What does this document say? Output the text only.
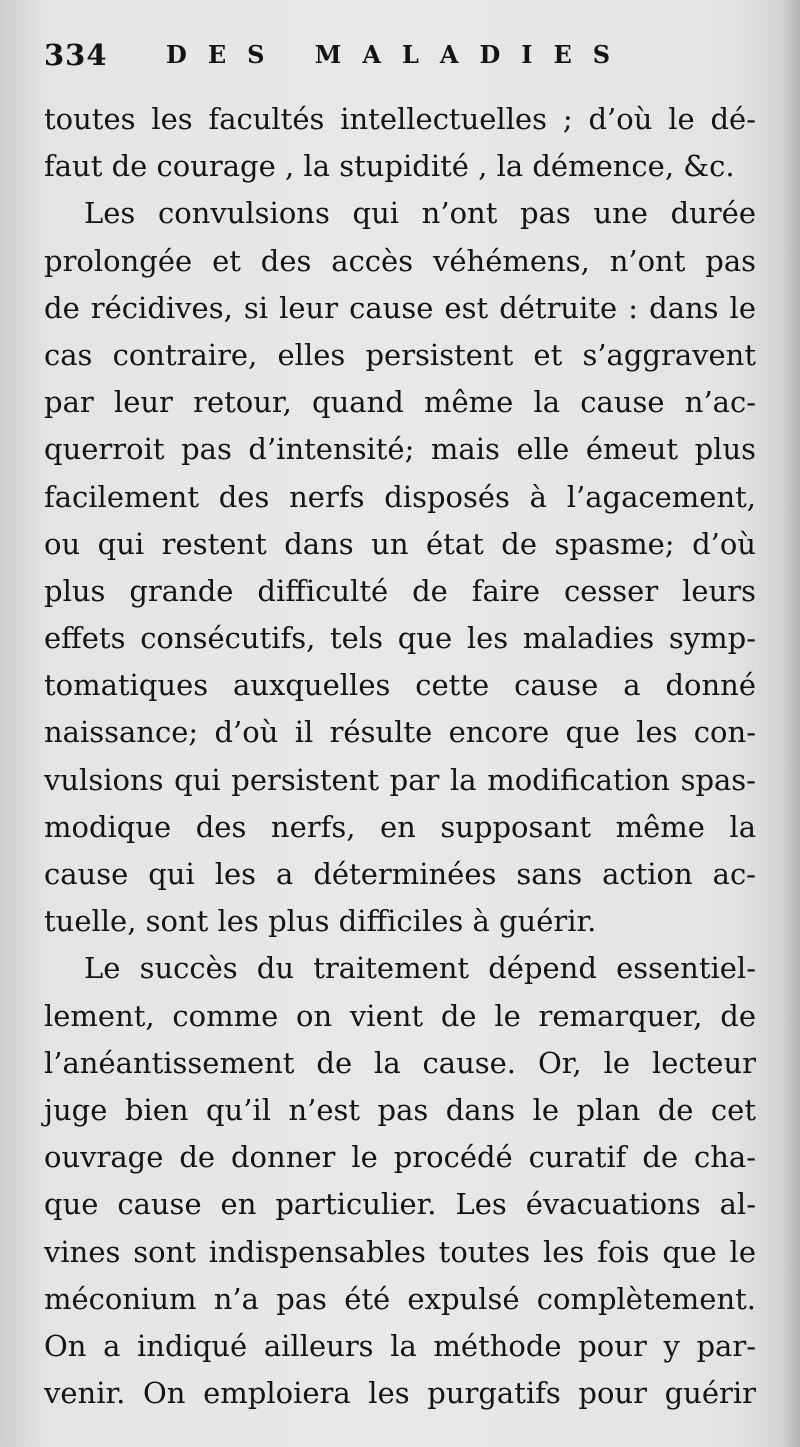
334 DES MALADIES
toutes les facultés intellectuelles ; d’où le dé-
faut de courage , la stupidité , la démence, &c.
Les convulsions qui n’ont pas une durée
prolongée et des accès véhémens, n’ont pas
de récidives, si leur cause est détruite : dans le
cas contraire, elles persistent et s’aggravent
par leur retour, quand même la cause n’ac-
querroit pas d’intensité; mais elle émeut plus
facilement des nerfs disposés à l’agacement,
ou qui restent dans un état de spasme; d’où
plus grande difficulté de faire cesser leurs
effets consécutifs, tels que les maladies symp-
tomatiques auxquelles cette cause a donné
naissance; d’où il résulte encore que les con-
vulsions qui persistent par la modification spas-
modique des nerfs, en supposant même la
cause qui les a déterminées sans action ac-
tuelle, sont les plus difficiles à guérir.
Le succès du traitement dépend essentiel-
lement, comme on vient de le remarquer, de
l’anéantissement de la cause. Or, le lecteur
juge bien qu’il n’est pas dans le plan de cet
ouvrage de donner le procédé curatif de cha-
que cause en particulier. Les évacuations al-
vines sont indispensables toutes les fois que le
méconium n’a pas été expulsé complètement.
On a indiqué ailleurs la méthode pour y par-
venir. On emploiera les purgatifs pour guérir
